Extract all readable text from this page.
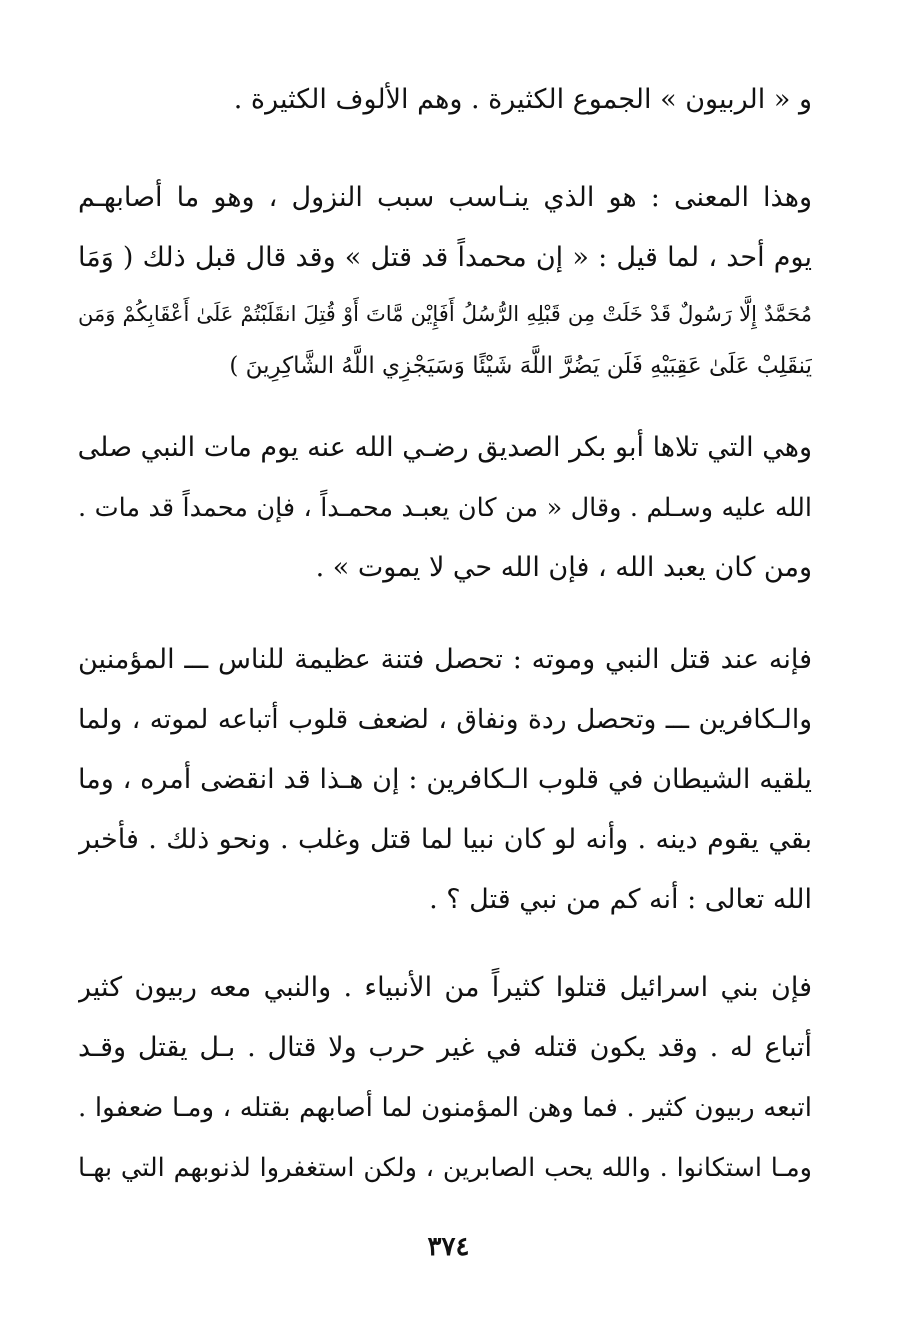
و « الربيون » الجموع الكثيرة . وهم الألوف الكثيرة .
وهذا المعنى : هو الذي ينـاسب سبب النزول ، وهو ما أصابهـم
يوم أحد ، لما قيل : « إن محمداً قد قتل » وقد قال قبل ذلك ( وَمَا
مُحَمَّدٌ إِلَّا رَسُولٌ قَدْ خَلَتْ مِن قَبْلِهِ الرُّسُلُ أَفَإِيْن مَّاتَ أَوْ قُتِلَ انقَلَبْتُمْ عَلَىٰ أَعْقَابِكُمْ وَمَن
يَنقَلِبْ عَلَىٰ عَقِبَيْهِ فَلَن يَضُرَّ اللَّهَ شَيْئًا وَسَيَجْزِي اللَّهُ الشَّاكِرِينَ )
وهي التي تلاها أبو بكر الصديق رضـي الله عنه يوم مات النبي صلى
الله عليه وسـلم . وقال « من كان يعبـد محمـداً ، فإن محمداً قد مات .
ومن كان يعبد الله ، فإن الله حي لا يموت » .
فإنه عند قتل النبي وموته : تحصل فتنة عظيمة للناس ـــ المؤمنين
والـكافرين ـــ وتحصل ردة ونفاق ، لضعف قلوب أتباعه لموته ، ولما
يلقيه الشيطان في قلوب الـكافرين : إن هـذا قد انقضى أمره ، وما
بقي يقوم دينه . وأنه لو كان نبيا لما قتل وغلب . ونحو ذلك . فأخبر
الله تعالى : أنه كم من نبي قتل ؟ .
فإن بني اسرائيل قتلوا كثيراً من الأنبياء . والنبي معه ربيون كثير
أتباع له . وقد يكون قتله في غير حرب ولا قتال . بـل يقتل وقـد
اتبعه ربيون كثير . فما وهن المؤمنون لما أصابهم بقتله ، ومـا ضعفوا .
ومـا استكانوا . والله يحب الصابرين ، ولكن استغفروا لذنوبهم التي بهـا
٣٧٤
